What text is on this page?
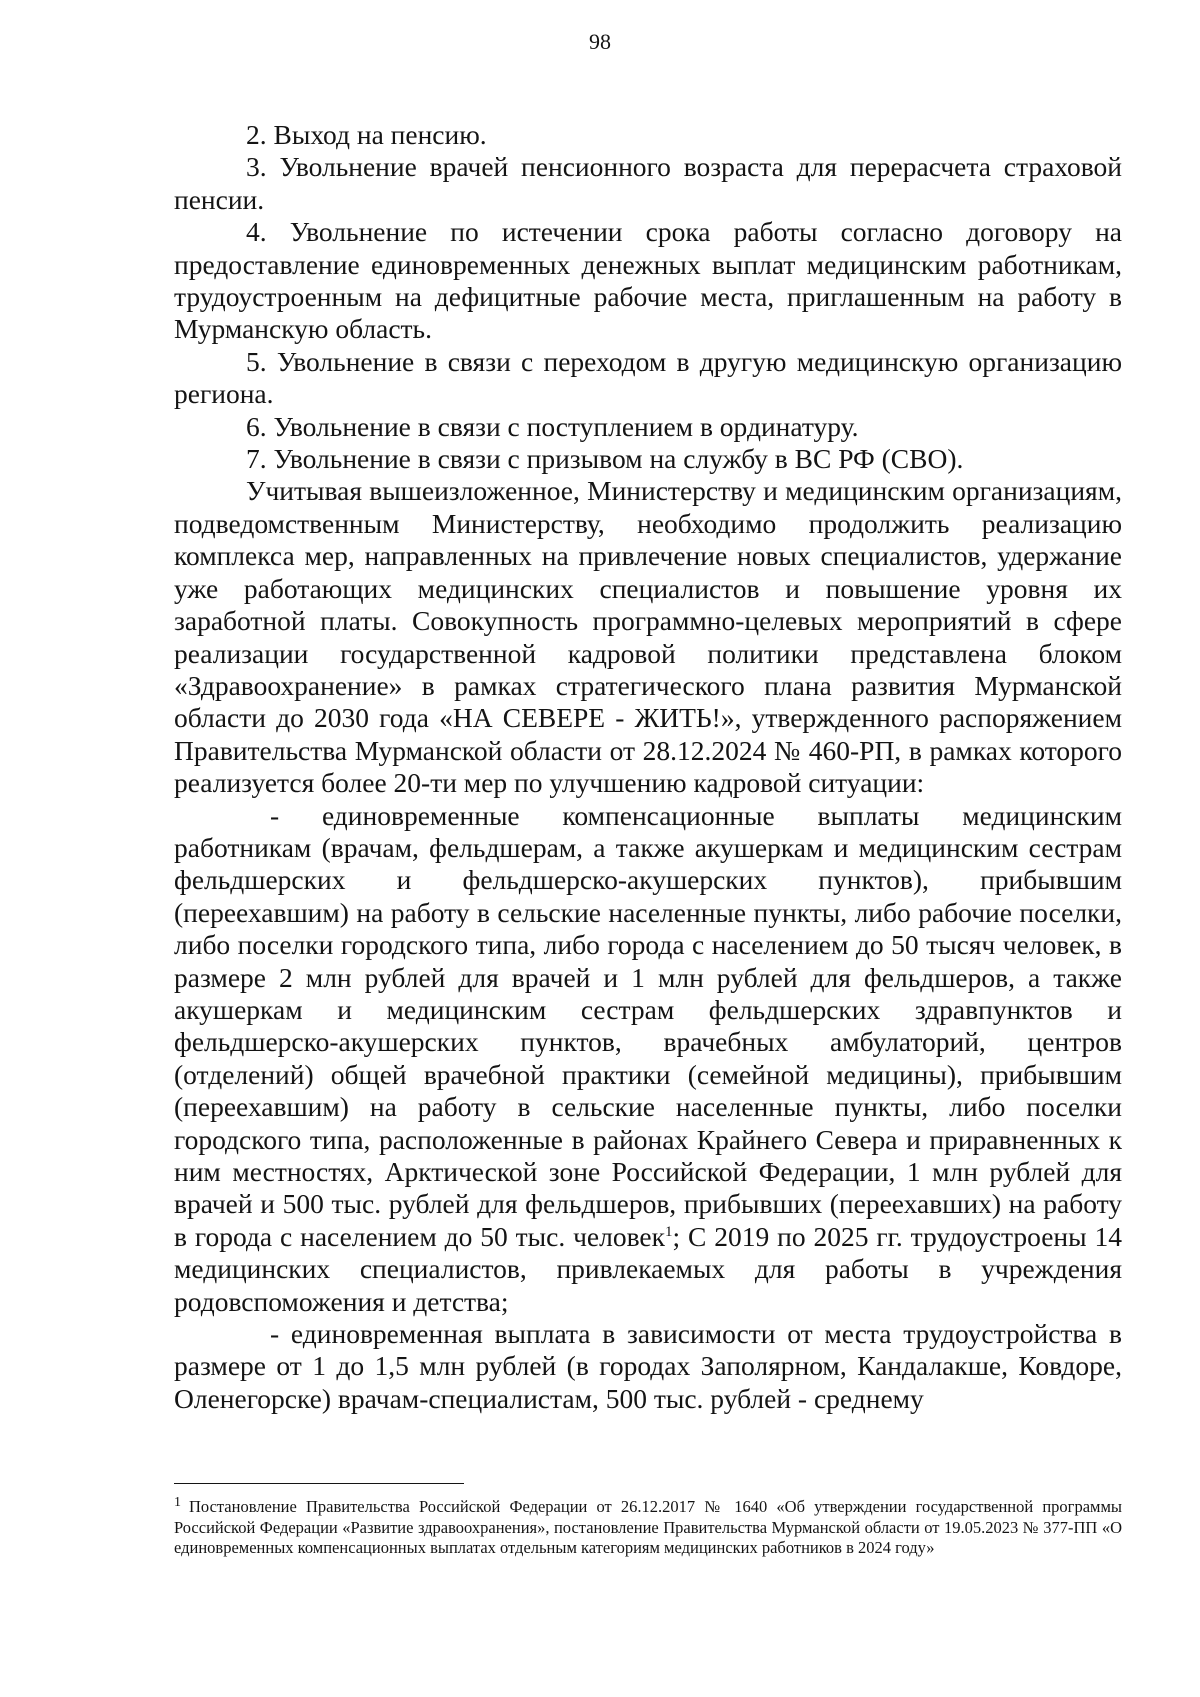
98

2. Выход на пенсию.

3. Увольнение врачей пенсионного возраста для перерасчета страховой пенсии.

4. Увольнение по истечении срока работы согласно договору на предоставление единовременных денежных выплат медицинским работникам, трудоустроенным на дефицитные рабочие места, приглашенным на работу в Мурманскую область.

5. Увольнение в связи с переходом в другую медицинскую организацию региона.

6. Увольнение в связи с поступлением в ординатуру.

7. Увольнение в связи с призывом на службу в ВС РФ (СВО).

Учитывая вышеизложенное, Министерству и медицинским организациям, подведомственным Министерству, необходимо продолжить реализацию комплекса мер, направленных на привлечение новых специалистов, удержание уже работающих медицинских специалистов и повышение уровня их заработной платы. Совокупность программно-целевых мероприятий в сфере реализации государственной кадровой политики представлена блоком «Здравоохранение» в рамках стратегического плана развития Мурманской области до 2030 года «НА СЕВЕРЕ - ЖИТЬ!», утвержденного распоряжением Правительства Мурманской области от 28.12.2024 № 460-РП, в рамках которого реализуется более 20-ти мер по улучшению кадровой ситуации:

- единовременные компенсационные выплаты медицинским работникам (врачам, фельдшерам, а также акушеркам и медицинским сестрам фельдшерских и фельдшерско-акушерских пунктов), прибывшим (переехавшим) на работу в сельские населенные пункты, либо рабочие поселки, либо поселки городского типа, либо города с населением до 50 тысяч человек, в размере 2 млн рублей для врачей и 1 млн рублей для фельдшеров, а также акушеркам и медицинским сестрам фельдшерских здравпунктов и фельдшерско-акушерских пунктов, врачебных амбулаторий, центров (отделений) общей врачебной практики (семейной медицины), прибывшим (переехавшим) на работу в сельские населенные пункты, либо поселки городского типа, расположенные в районах Крайнего Севера и приравненных к ним местностях, Арктической зоне Российской Федерации, 1 млн рублей для врачей и 500 тыс. рублей для фельдшеров, прибывших (переехавших) на работу в города с населением до 50 тыс. человек$^1$; С 2019 по 2025 гг. трудоустроены 14 медицинских специалистов, привлекаемых для работы в учреждения родовспоможения и детства;

- единовременная выплата в зависимости от места трудоустройства в размере от 1 до 1,5 млн рублей (в городах Заполярном, Кандалакше, Ковдоре, Оленегорске) врачам-специалистам, 500 тыс. рублей - среднему

$^1$ Постановление Правительства Российской Федерации от 26.12.2017 № 1640 «Об утверждении государственной программы Российской Федерации «Развитие здравоохранения», постановление Правительства Мурманской области от 19.05.2023 № 377-ПП «О единовременных компенсационных выплатах отдельным категориям медицинских работников в 2024 году»
